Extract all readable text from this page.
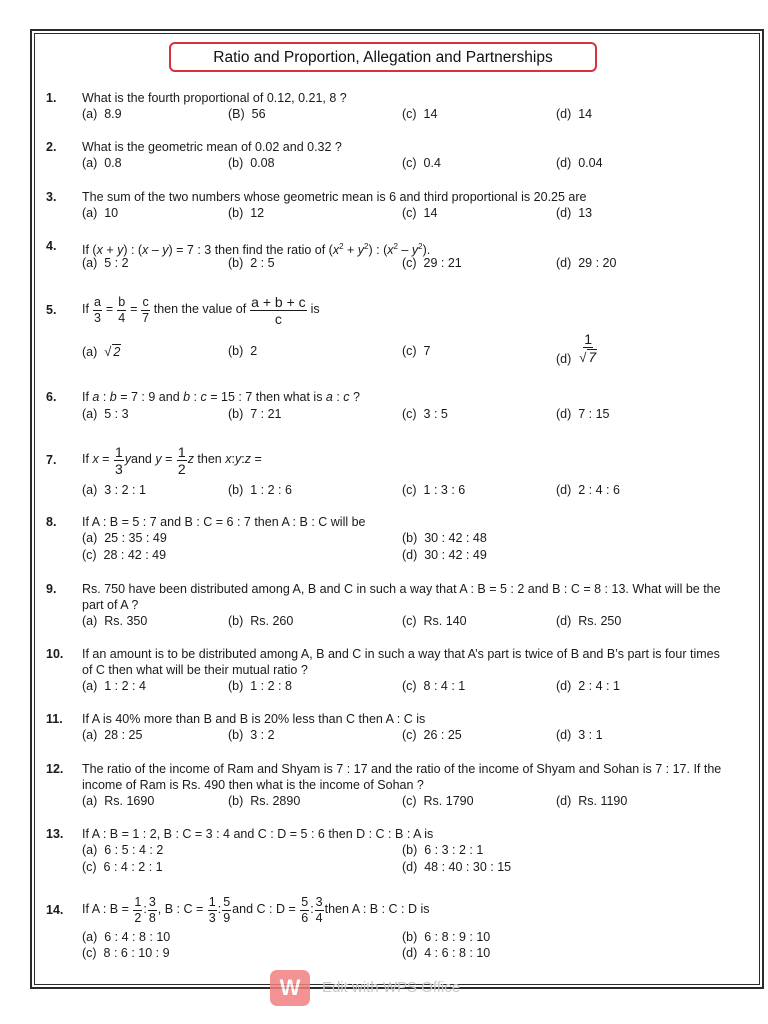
Ratio and Proportion, Allegation and Partnerships
1. What is the fourth proportional of 0.12, 0.21, 8 ?
(a) 8.9	(B) 56	(c) 14	(d) 14
2. What is the geometric mean of 0.02 and 0.32 ?
(a) 0.8	(b) 0.08	(c) 0.4	(d) 0.04
3. The sum of the two numbers whose geometric mean is 6 and third proportional is 20.25 are
(a) 10	(b) 12	(c) 14	(d) 13
4. If (x + y) : (x – y) = 7 : 3 then find the ratio of $(x^2 + y^2)$ : $(x^2 - y^2)$.
(a) 5 : 2	(b) 2 : 5	(c) 29 : 21	(d) 29 : 20
5. If $\frac{a}{3} = \frac{b}{4} = \frac{c}{7}$ then the value of a + b + c
c
is
(a) √ 2	(b) 2	(c) 7
$(d) \frac{1}{√ 7}$
6. If a : b = 7 : 9 and b : c = 15 : 7 then what is a : c ?
(a) 5 : 3	(b) 7 : 21	(c) 3 : 5	(d) 7 : 15
7. If
x
=
$\frac{1}{3}$ y and
y
=
$\frac{1}{2}$ z
then
x : y : z
=
(a) 3 : 2 : 1	(b) 1 : 2 : 6	(c) 1 : 3 : 6	(d) 2 : 4 : 6
8. If A : B = 5 : 7 and B : C = 6 : 7 then A : B : C will be
(a) 25 : 35 : 49	(b) 30 : 42 : 48
(c) 28 : 42 : 49	(d) 30 : 42 : 49
9. Rs. 750 have been distributed among A, B and C in such a way that A : B = 5 : 2 and B : C = 8 : 13. What will be the part of A ?
(a) Rs. 350	(b) Rs. 260	(c) Rs. 140	(d) Rs. 250
10. If an amount is to be distributed among A, B and C in such a way that A’s part is twice of B and B’s part is four times of C then what will be their mutual ratio ?
(a) 1 : 2 : 4	(b) 1 : 2 : 8	(c) 8 : 4 : 1	(d) 2 : 4 : 1
11. If A is 40% more than B and B is 20% less than C then A : C is
(a) 28 : 25	(b) 3 : 2	(c) 26 : 25	(d) 3 : 1
12. The ratio of the income of Ram and Shyam is 7 : 17 and the ratio of the income of Shyam and Sohan is 7 : 17. If the income of Ram is Rs. 490 then what is the income of Sohan ?
(a) Rs. 1690	(b) Rs. 2890	(c) Rs. 1790	(d) Rs. 1190
13. If A : B = 1 : 2, B : C = 3 : 4 and C : D = 5 : 6 then D : C : B : A is
(a) 6 : 5 : 4 : 2	(b) 6 : 3 : 2 : 1
(c) 6 : 4 : 2 : 1	(d) 48 : 40 : 30 : 15
14. If A : B =
$\frac{1}{2}$ :
3
8
, B : C =
$\frac{1}{3}$ :
5
9
and C : D =
$\frac{5}{6}$ :
3
4
then A : B : C : D is
(a) 6 : 4 : 8 : 10	(b) 6 : 8 : 9 : 10
(c) 8 : 6 : 10 : 9	(d) 4 : 6 : 8 : 10
W	Edit with WPS Office
